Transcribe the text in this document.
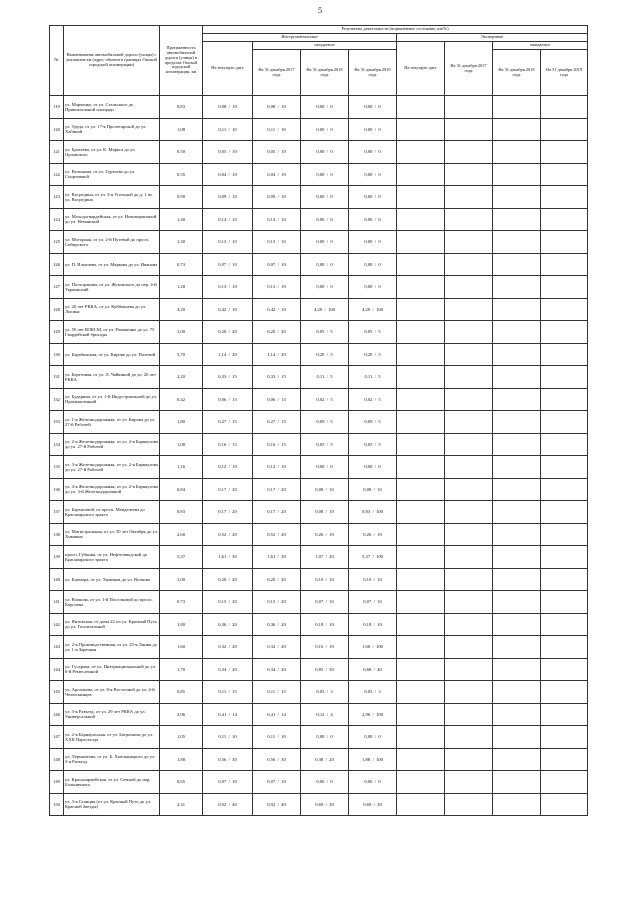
5
№	Наименование автомобильной дороги (улицы) с указанием км (адрес объекта в границах Омской городской агломерации)	Протяженность автомобильной дороги (улицы) в пределах Омской городской агломерации, км	Результаты деятельности (нормативное состояние, км/%)							
			Инструментальные				Экспертные			
			На текущую дату	ожидаемое			На текущую дату	На 31 декабря 2017 года	ожидаемое	
				На 31 декабря 2017 года	На 31 декабря 2018 года	На 31 декабря 2019 года			На 31 декабря 2018 года	На 31 декабря 2019 года
119	ул. Марченко, от ул. Стальского до Привокзальной площади	0,83	0,08  /  10	0,08  /  10	0,00  /  0	0,00  /  0				
120	ул. Труда, от ул. 17-я Пролетарской до ул. Хабиной	1,08	0,11  /  10	0,11  /  10	0,00  /  0	0,00  /  0				
121	ул. Брагаева, от ул. К. Маркса до ул. Орловского	0,50	0,05  /  10	0,05  /  10	0,00  /  0	0,00  /  0				
122	ул. Вельмина, от ул. Гуртьева до ул. Спортивной	0,35	0,04  /  10	0,04  /  10	0,00  /  0	0,00  /  0				
123	ул. Восредина, от ул. 3-я Угольной до д. 1 по ул. Восредина	0,90	0,09  /  10	0,09  /  10	0,00  /  0	0,00  /  0				
124	ул. Молодогвардейская, от ул. Новокирпичной до ул. Неманской	1,40	0,14  /  10	0,14  /  10	0,00  /  0	0,00  /  0				
125	ул. Моторная, от ул. 2-й Путевой до просп. Сибирского	1,30	0,13  /  10	0,13  /  10	0,00  /  0	0,00  /  0				
126	ул. П. Ильичева, от ул. Маркова до ул. Иванова	0,73	0,07  /  10	0,07  /  10	0,00  /  0	0,00  /  0				
127	ул. Полторанова, от ул. Жуковского до пер. 4-й Украинский	1,28	0,13  /  10	0,13  /  10	0,00  /  0	0,00  /  0				
128	ул. 20 лет РККА, от ул. Куйбышева до ул. Лисина	4,20	0,42  /  10	0,42  /  10	4,20  /  100	4,20  /  100				
129	ул. 50 лет ВЛКСМ, от ул. Романенко до ул. 75 Гвардейской бригады	1,00	0,20  /  20	0,20  /  20	0,05  /  5	0,05  /  5				
130	ул. Барабинская, от ул. Кирова до ул. Полевой	5,70	1,14  /  20	1,14  /  20	0,29  /  5	0,29  /  5				
131	ул. Березовая, от ул. Л. Чайкиной до ул. 20 лет РККА	2,20	0,33  /  15	0,33  /  15	0,11  /  5	0,11  /  5				
132	ул. Бударина, от ул. 1-й Индустриальной до ул. Промышленной	0,42	0,06  /  15	0,06  /  15	0,02  /  5	0,02  /  5				
133	ул. 1-я Железнодорожная, от ул. Кирова до ул. 27-й Рабочей	1,80	0,27  /  15	0,27  /  15	0,09  /  5	0,09  /  5				
134	ул. 2-я Железнодорожная, от ул. 2-я Барнаулова до ул. 27-й Рабочей	1,08	0,16  /  15	0,16  /  15	0,05  /  5	0,05  /  5				
135	ул. 3-я Железнодорожная, от ул. 2-я Барнаулова до ул. 27-й Рабочей	1,16	0,12  /  10	0,12  /  10	0,00  /  0	0,00  /  0				
136	ул. 4-я Железнодорожная, от ул. 2-я Барнаулова до ул. 3-й Железнодорожной	0,84	0,17  /  20	0,17  /  20	0,08  /  10	0,08  /  10				
137	ул. Бархатовой, от просп. Менделеева до Красноярского тракта	0,83	0,17  /  20	0,17  /  20	0,08  /  10	0,83  /  100				
138	ул. Магистральная, от ул. 50 лет Октября до ул. Химиков	2,60	0,52  /  20	0,52  /  20	0,26  /  10	0,26  /  10				
139	просп. Губкина, от ул. Нефтезаводской до Красноярского тракта	5,37	1,61  /  30	1,61  /  30	1,07  /  20	5,37  /  100				
140	ул. Блюхера, от ул. Химиков до ул. Волкова	1,00	0,20  /  20	0,20  /  20	0,10  /  10	0,10  /  10				
141	ул. Волкова, от ул. 1-й Поселковой до просп. Королева	0,73	0,15  /  20	0,15  /  20	0,07  /  10	0,07  /  10				
142	ул. Янтовская, от дома 22 по ул. Красный Путь до ул. Госпитальной	1,80	0,36  /  20	0,36  /  20	0,18  /  10	0,18  /  10				
143	ул. 2-я Производственная, от ул. 25-я Линия до ул. 1-я Заречная	1,60	0,32  /  20	0,32  /  20	0,16  /  10	1,60  /  100				
144	ул. Гусарова, от ул. Интернациональной до ул. 6-й Ремесленной	1,70	0,34  /  20	0,34  /  20	0,85  /  50	0,68  /  40				
145	ул. Арсеньева, от ул. 8-я Восточной до ул. 4-й Челюскинцев	0,85	0,11  /  13	0,11  /  13	0,03  /  3	0,03  /  3				
146	ул. 3-я Разъезд, от ул. 29 лет РККА до ул. Универсальной	2,96	0,41  /  14	0,41  /  14	0,12  /  4	2,96  /  100				
147	ул. 2-я Барнаульская, от ул. Батраткова до ул. XXII Партсъезда	1,05	0,11  /  10	0,11  /  10	0,00  /  0	0,00  /  0				
148	ул. Лермонтова, от ул. Б. Хмельницкого до ул. 3-я Разъезд	1,88	0,56  /  30	0,56  /  30	0,38  /  20	1,88  /  100				
149	ул. Красноармейская, от ул. Семной до пер. Больничного	0,65	0,07  /  10	0,07  /  10	0,00  /  0	0,00  /  0				
150	ул. 3-я Станция (от ул. Красный Путь до ул. Красной Звезды)	2,31	0,92  /  40	0,92  /  40	0,69  /  30	0,69  /  30				
